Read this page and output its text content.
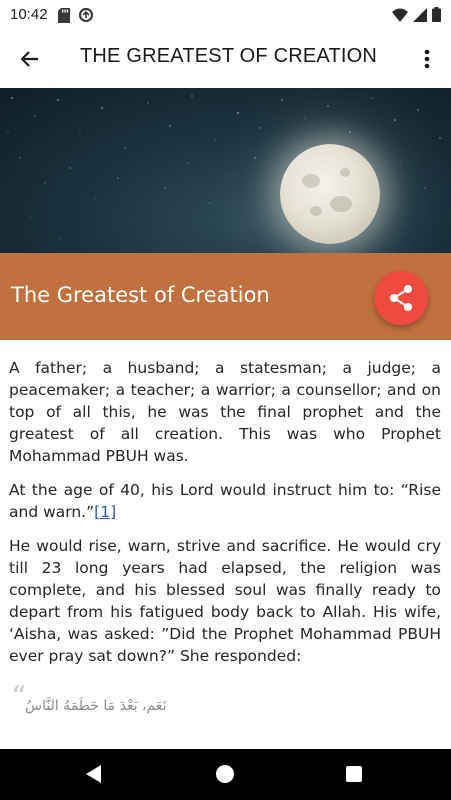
10:42
THE GREATEST OF CREATION
The Greatest of Creation

A father; a husband; a statesman; a judge; a peacemaker; a teacher; a warrior; a counsellor; and on top of all this, he was the final prophet and the greatest of all creation. This was who Prophet Mohammad PBUH was.

At the age of 40, his Lord would instruct him to: “Rise and warn.”[1]

He would rise, warn, strive and sacrifice. He would cry till 23 long years had elapsed, the religion was complete, and his blessed soul was finally ready to depart from his fatigued body back to Allah. His wife, ‘Aisha, was asked: ”Did the Prophet Mohammad PBUH ever pray sat down?” She responded:

“
نَعَم، بَعْدَ مَا حَطَمَهُ النَّاسُ
